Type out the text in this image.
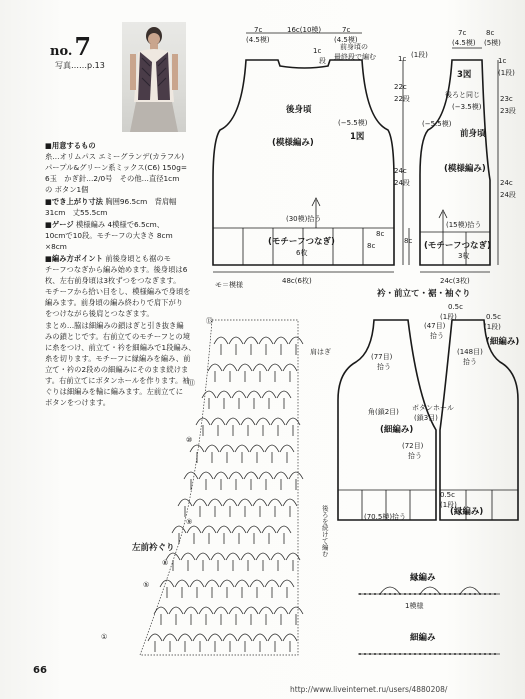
no.7
写真……p.13
■用意するもの
糸…オリムパス エミーグランデ(カラフル)
パープル&グリーン系ミックス(C6) 150g=
6玉　かぎ針…2/0号　その他…直径1cm
の ボタン1個
■でき上がり寸法 胸囲96.5cm　背肩幅
31cm　丈55.5cm
■ゲージ 模様編み 4模様で6.5cm、
10cmで10段。モチーフの大きさ 8cm
×8cm
■編み方ポイント 前後身頃とも裾のモ
チーフつなぎから編み始めます。後身頃は6
枚、左右前身頃は3枚ずつをつなぎます。
モチーフから拾い目をし、模様編みで身頃を
編みます。前身頃の編み終わりで肩下がり
をつけながら後肩とつなぎます。
まとめ…脇は細編みの鎖はぎと引き抜き編
みの鎖とじです。右前立てのモチーフとの境
に糸をつけ、前立て・衿を細編みで1段編み、
糸を切ります。モチーフに縁編みを編み、前
立て・衿の2段めの細編みにそのまま続けま
す。右前立てにボタンホールを作ります。袖
ぐりは細編みを輪に編みます。左前立てに
ボタンをつけます。
7c
(4.5模)
16c(10模)	7c
(4.5模)
1c
段
前身頃の
最終段で編む
後身頃
(模様編み)
1図
(−5.5模)
1c (1段)
22c
22段
24c
24段
(30模)拾う
(モチーフつなぎ)
6枚
8c
8c
48c(6枚)
モ＝模様
7c
(4.5模)
8c
(5模)
3図
後ろと同じ
(−5.5模)
(−3.5模)
前身頃
(模様編み)
1c
(1段)
23c
23段
24c
24段
(15模)拾う
(モチーフつなぎ)
3枚
8c
24c(3枚)
衿・前立て・裾・袖ぐり
0.5c
(1段)	0.5c
(1段)
(47目)
拾う
(77目)
拾う
(148目)
拾う
(細編み)
肩はぎ
角(鎖2目) ボタンホール
(鎖3目)
(細編み)
(72目)
拾う
0.5c
(1段)
(縁編み)
(70.5模)拾う
後ろを続けて編む
左前衿ぐり
⑬
⑪
⑩
⑨
⑧
⑤
①
縁編み
1模様
細編み
66
http://www.liveinternet.ru/users/4880208/
